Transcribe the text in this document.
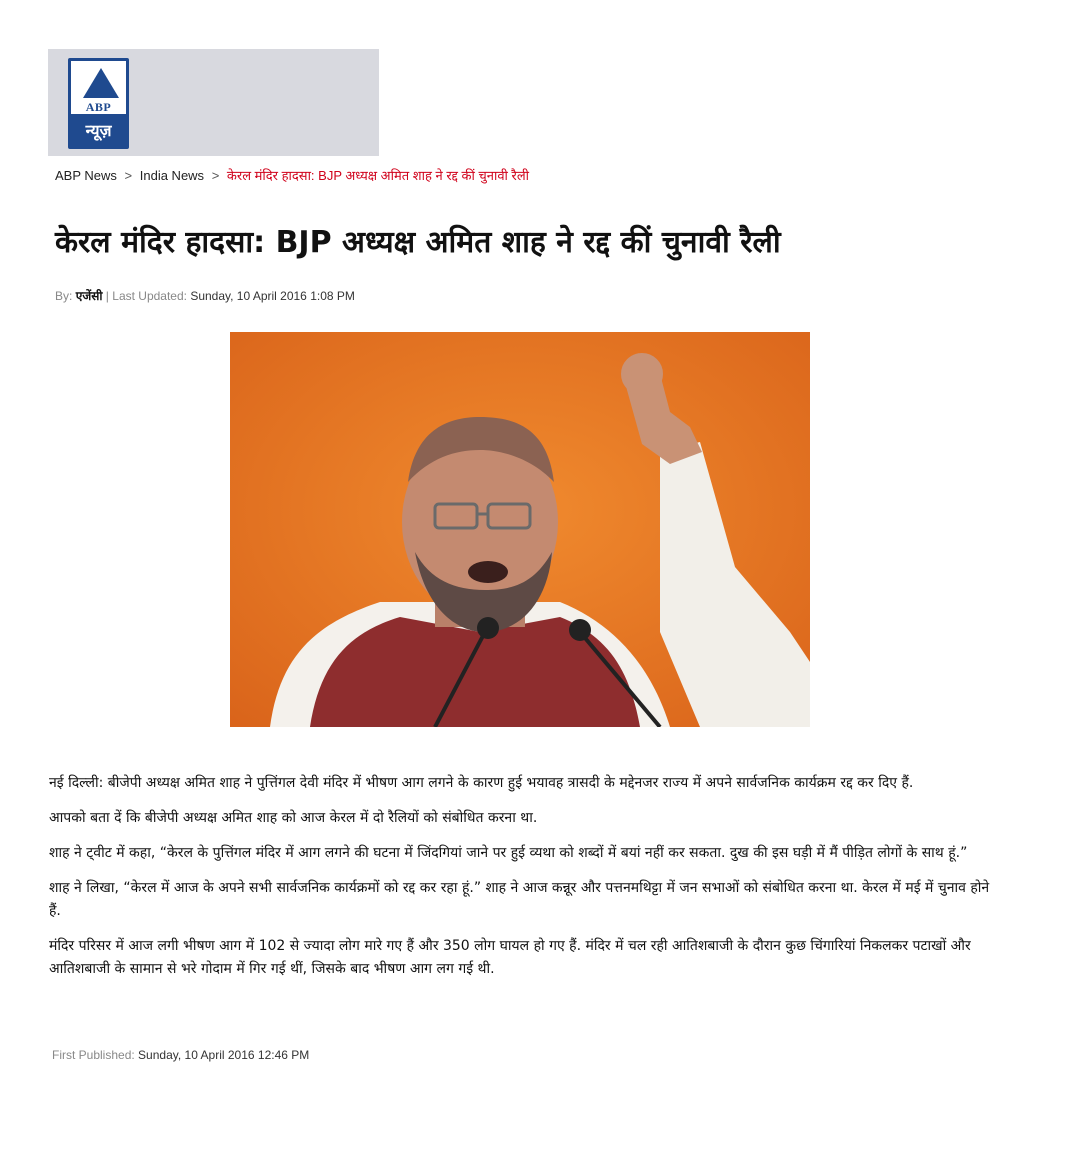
ABP
न्यूज़
ABP News > India News > केरल मंदिर हादसा: BJP अध्यक्ष अमित शाह ने रद्द कीं चुनावी रैली
केरल मंदिर हादसा: BJP अध्यक्ष अमित शाह ने रद्द कीं चुनावी रैली
By: एजेंसी | Last Updated: Sunday, 10 April 2016 1:08 PM

नई दिल्ली: बीजेपी अध्यक्ष अमित शाह ने पुत्तिंगल देवी मंदिर में भीषण आग लगने के कारण हुई भयावह त्रासदी के मद्देनजर राज्य में अपने सार्वजनिक कार्यक्रम रद्द कर दिए हैं.

आपको बता दें कि बीजेपी अध्यक्ष अमित शाह को आज केरल में दो रैलियों को संबोधित करना था.

शाह ने ट्वीट में कहा, “केरल के पुत्तिंगल मंदिर में आग लगने की घटना में जिंदगियां जाने पर हुई व्यथा को शब्दों में बयां नहीं कर सकता. दुख की इस घड़ी में मैं पीड़ित लोगों के साथ हूं.”

शाह ने लिखा, “केरल में आज के अपने सभी सार्वजनिक कार्यक्रमों को रद्द कर रहा हूं.” शाह ने आज कन्नूर और पत्तनमथिट्टा में जन सभाओं को संबोधित करना था. केरल में मई में चुनाव होने हैं.

मंदिर परिसर में आज लगी भीषण आग में 102 से ज्यादा लोग मारे गए हैं और 350 लोग घायल हो गए हैं. मंदिर में चल रही आतिशबाजी के दौरान कुछ चिंगारियां निकलकर पटाखों और आतिशबाजी के सामान से भरे गोदाम में गिर गई थीं, जिसके बाद भीषण आग लग गई थी.

First Published: Sunday, 10 April 2016 12:46 PM
